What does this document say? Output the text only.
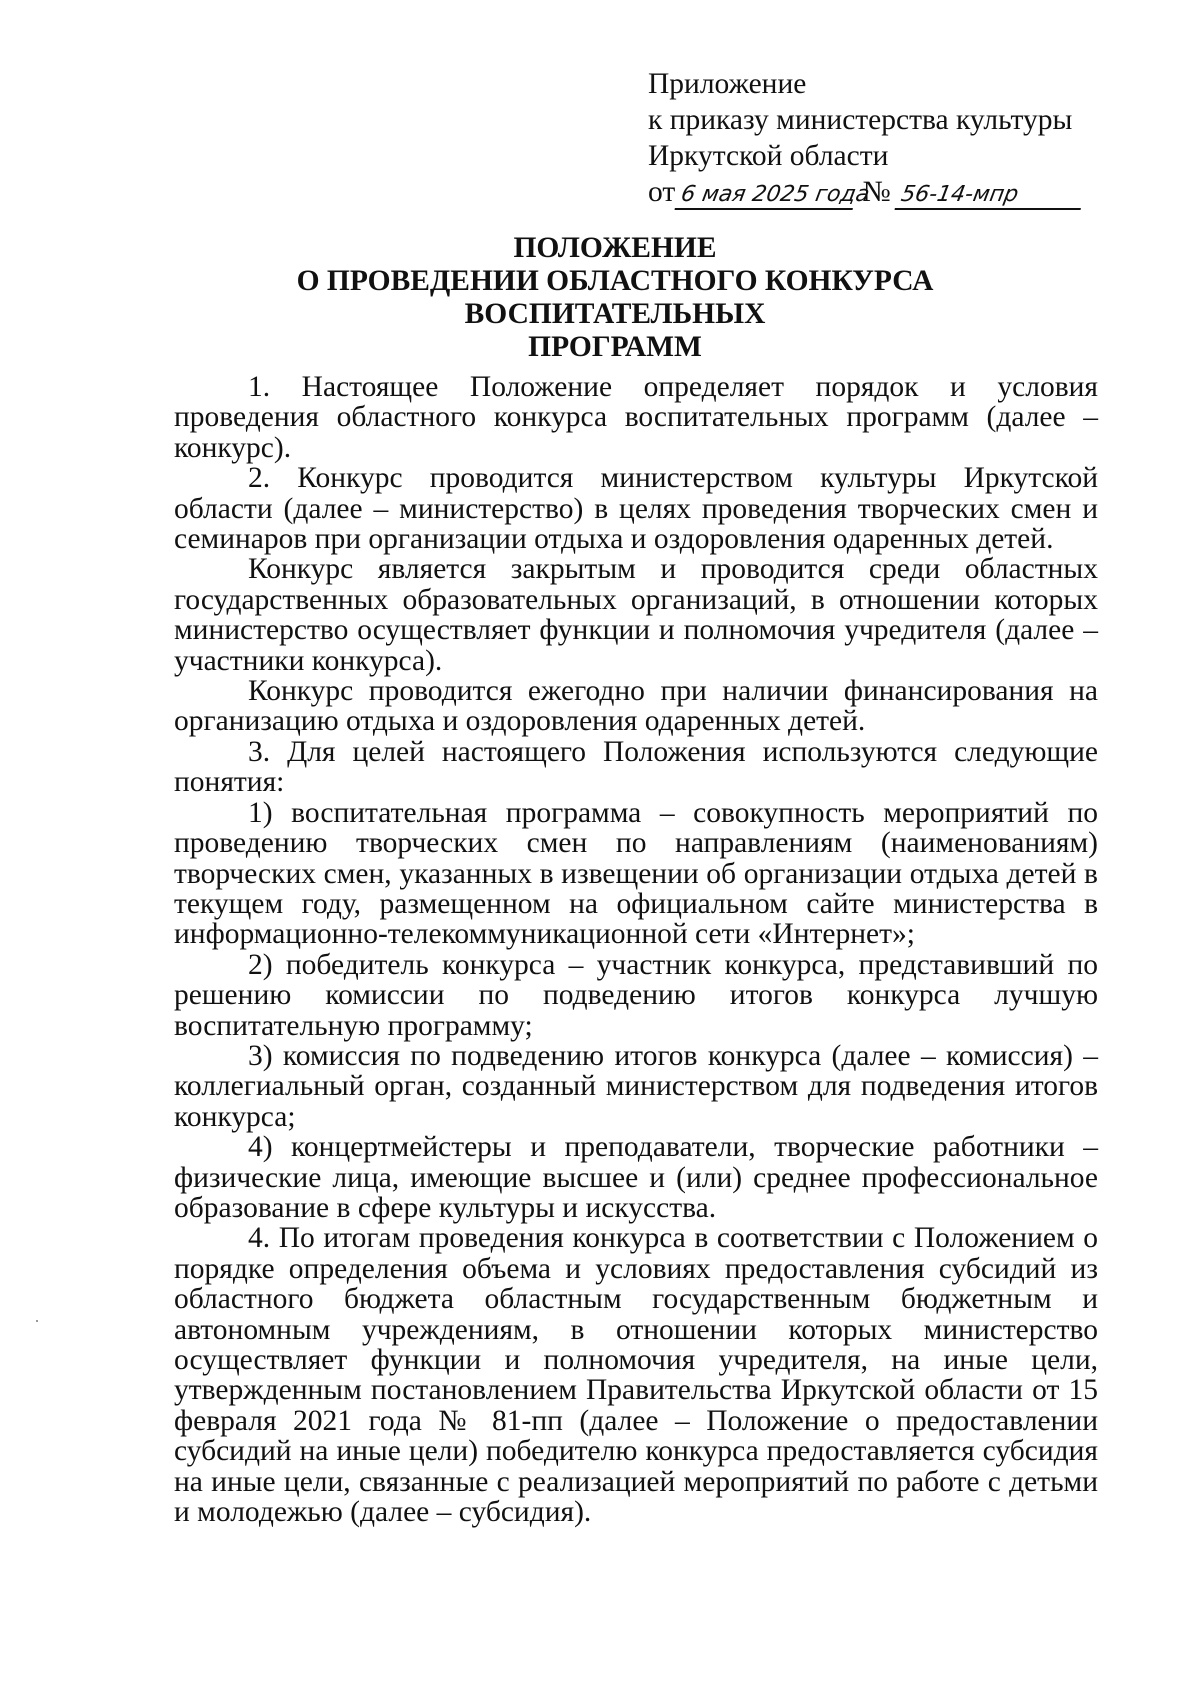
Приложение
к приказу министерства культуры
Иркутской области
от 6 мая 2025 года № 56-14-мпр
ПОЛОЖЕНИЕ
О ПРОВЕДЕНИИ ОБЛАСТНОГО КОНКУРСА ВОСПИТАТЕЛЬНЫХ
ПРОГРАММ

1. Настоящее Положение определяет порядок и условия проведения областного конкурса воспитательных программ (далее – конкурс).

2. Конкурс проводится министерством культуры Иркутской области (далее – министерство) в целях проведения творческих смен и семинаров при организации отдыха и оздоровления одаренных детей.

Конкурс является закрытым и проводится среди областных государственных образовательных организаций, в отношении которых министерство осуществляет функции и полномочия учредителя (далее – участники конкурса).

Конкурс проводится ежегодно при наличии финансирования на организацию отдыха и оздоровления одаренных детей.

3. Для целей настоящего Положения используются следующие понятия:

1) воспитательная программа – совокупность мероприятий по проведению творческих смен по направлениям (наименованиям) творческих смен, указанных в извещении об организации отдыха детей в текущем году, размещенном на официальном сайте министерства в информационно-телекоммуникационной сети «Интернет»;

2) победитель конкурса – участник конкурса, представивший по решению комиссии по подведению итогов конкурса лучшую воспитательную программу;

3) комиссия по подведению итогов конкурса (далее – комиссия) – коллегиальный орган, созданный министерством для подведения итогов конкурса;

4) концертмейстеры и преподаватели, творческие работники – физические лица, имеющие высшее и (или) среднее профессиональное образование в сфере культуры и искусства.

4. По итогам проведения конкурса в соответствии с Положением о порядке определения объема и условиях предоставления субсидий из областного бюджета областным государственным бюджетным и автономным учреждениям, в отношении которых министерство осуществляет функции и полномочия учредителя, на иные цели, утвержденным постановлением Правительства Иркутской области от 15 февраля 2021 года № 81-пп (далее – Положение о предоставлении субсидий на иные цели) победителю конкурса предоставляется субсидия на иные цели, связанные с реализацией мероприятий по работе с детьми и молодежью (далее – субсидия).
